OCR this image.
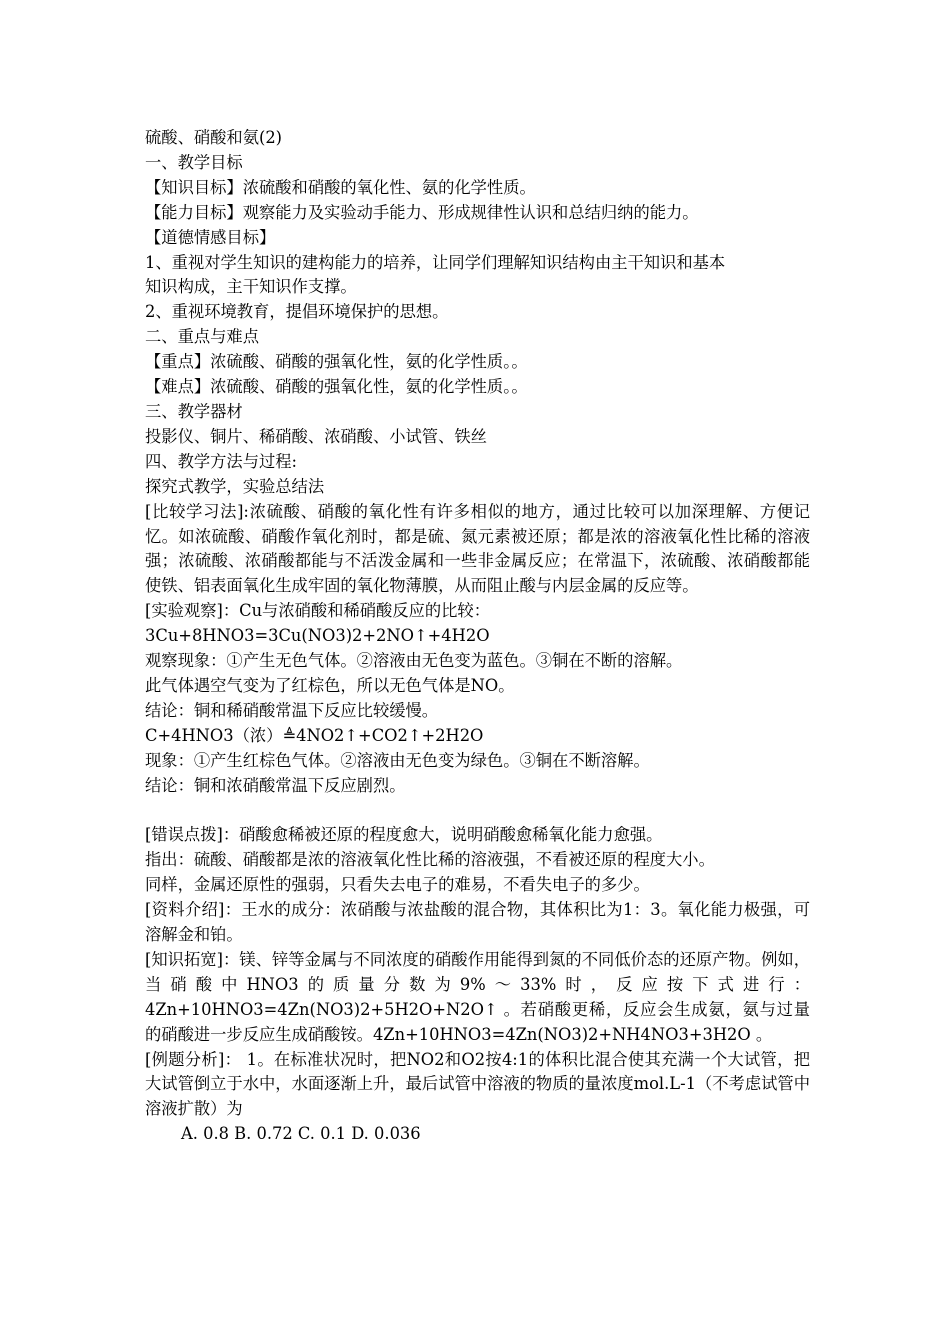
硫酸、硝酸和氨(2)
一、教学目标
【知识目标】浓硫酸和硝酸的氧化性、氨的化学性质。
【能力目标】观察能力及实验动手能力、形成规律性认识和总结归纳的能力。
【道德情感目标】
1、重视对学生知识的建构能力的培养，让同学们理解知识结构由主干知识和基本
知识构成，主干知识作支撑。
2、重视环境教育，提倡环境保护的思想。
二、重点与难点
【重点】浓硫酸、硝酸的强氧化性，氨的化学性质。。
【难点】浓硫酸、硝酸的强氧化性，氨的化学性质。。
三、教学器材
投影仪、铜片、稀硝酸、浓硝酸、小试管、铁丝
四、教学方法与过程:
探究式教学，实验总结法
[比较学习法]:浓硫酸、硝酸的氧化性有许多相似的地方，通过比较可以加深理解、方便记忆。如浓硫酸、硝酸作氧化剂时，都是硫、氮元素被还原；都是浓的溶液氧化性比稀的溶液强；浓硫酸、浓硝酸都能与不活泼金属和一些非金属反应；在常温下，浓硫酸、浓硝酸都能使铁、铝表面氧化生成牢固的氧化物薄膜，从而阻止酸与内层金属的反应等。
[实验观察]：Cu与浓硝酸和稀硝酸反应的比较：
3Cu+8HNO3=3Cu(NO3)2+2NO↑+4H2O
观察现象：①产生无色气体。②溶液由无色变为蓝色。③铜在不断的溶解。
此气体遇空气变为了红棕色，所以无色气体是NO。
结论：铜和稀硝酸常温下反应比较缓慢。
C+4HNO3（浓）≜4NO2↑+CO2↑+2H2O
现象：①产生红棕色气体。②溶液由无色变为绿色。③铜在不断溶解。
结论：铜和浓硝酸常温下反应剧烈。
[错误点拨]：硝酸愈稀被还原的程度愈大，说明硝酸愈稀氧化能力愈强。
指出：硫酸、硝酸都是浓的溶液氧化性比稀的溶液强，不看被还原的程度大小。
同样，金属还原性的强弱，只看失去电子的难易，不看失电子的多少。
[资料介绍]：王水的成分：浓硝酸与浓盐酸的混合物，其体积比为1：3。氧化能力极强，可溶解金和铂。
[知识拓宽]：镁、锌等金属与不同浓度的硝酸作用能得到氮的不同低价态的还原产物。例如，当硝酸中HNO3的质量分数为9%～33%时，反应按下式进行：4Zn+10HNO3=4Zn(NO3)2+5H2O+N2O↑ 。若硝酸更稀，反应会生成氨，氨与过量的硝酸进一步反应生成硝酸铵。4Zn+10HNO3=4Zn(NO3)2+NH4NO3+3H2O 。
[例题分析]： 1。在标准状况时，把NO2和O2按4:1的体积比混合使其充满一个大试管，把大试管倒立于水中，水面逐渐上升，最后试管中溶液的物质的量浓度mol.L-1（不考虑试管中溶液扩散）为
A. 0.8 B. 0.72 C. 0.1 D. 0.036
